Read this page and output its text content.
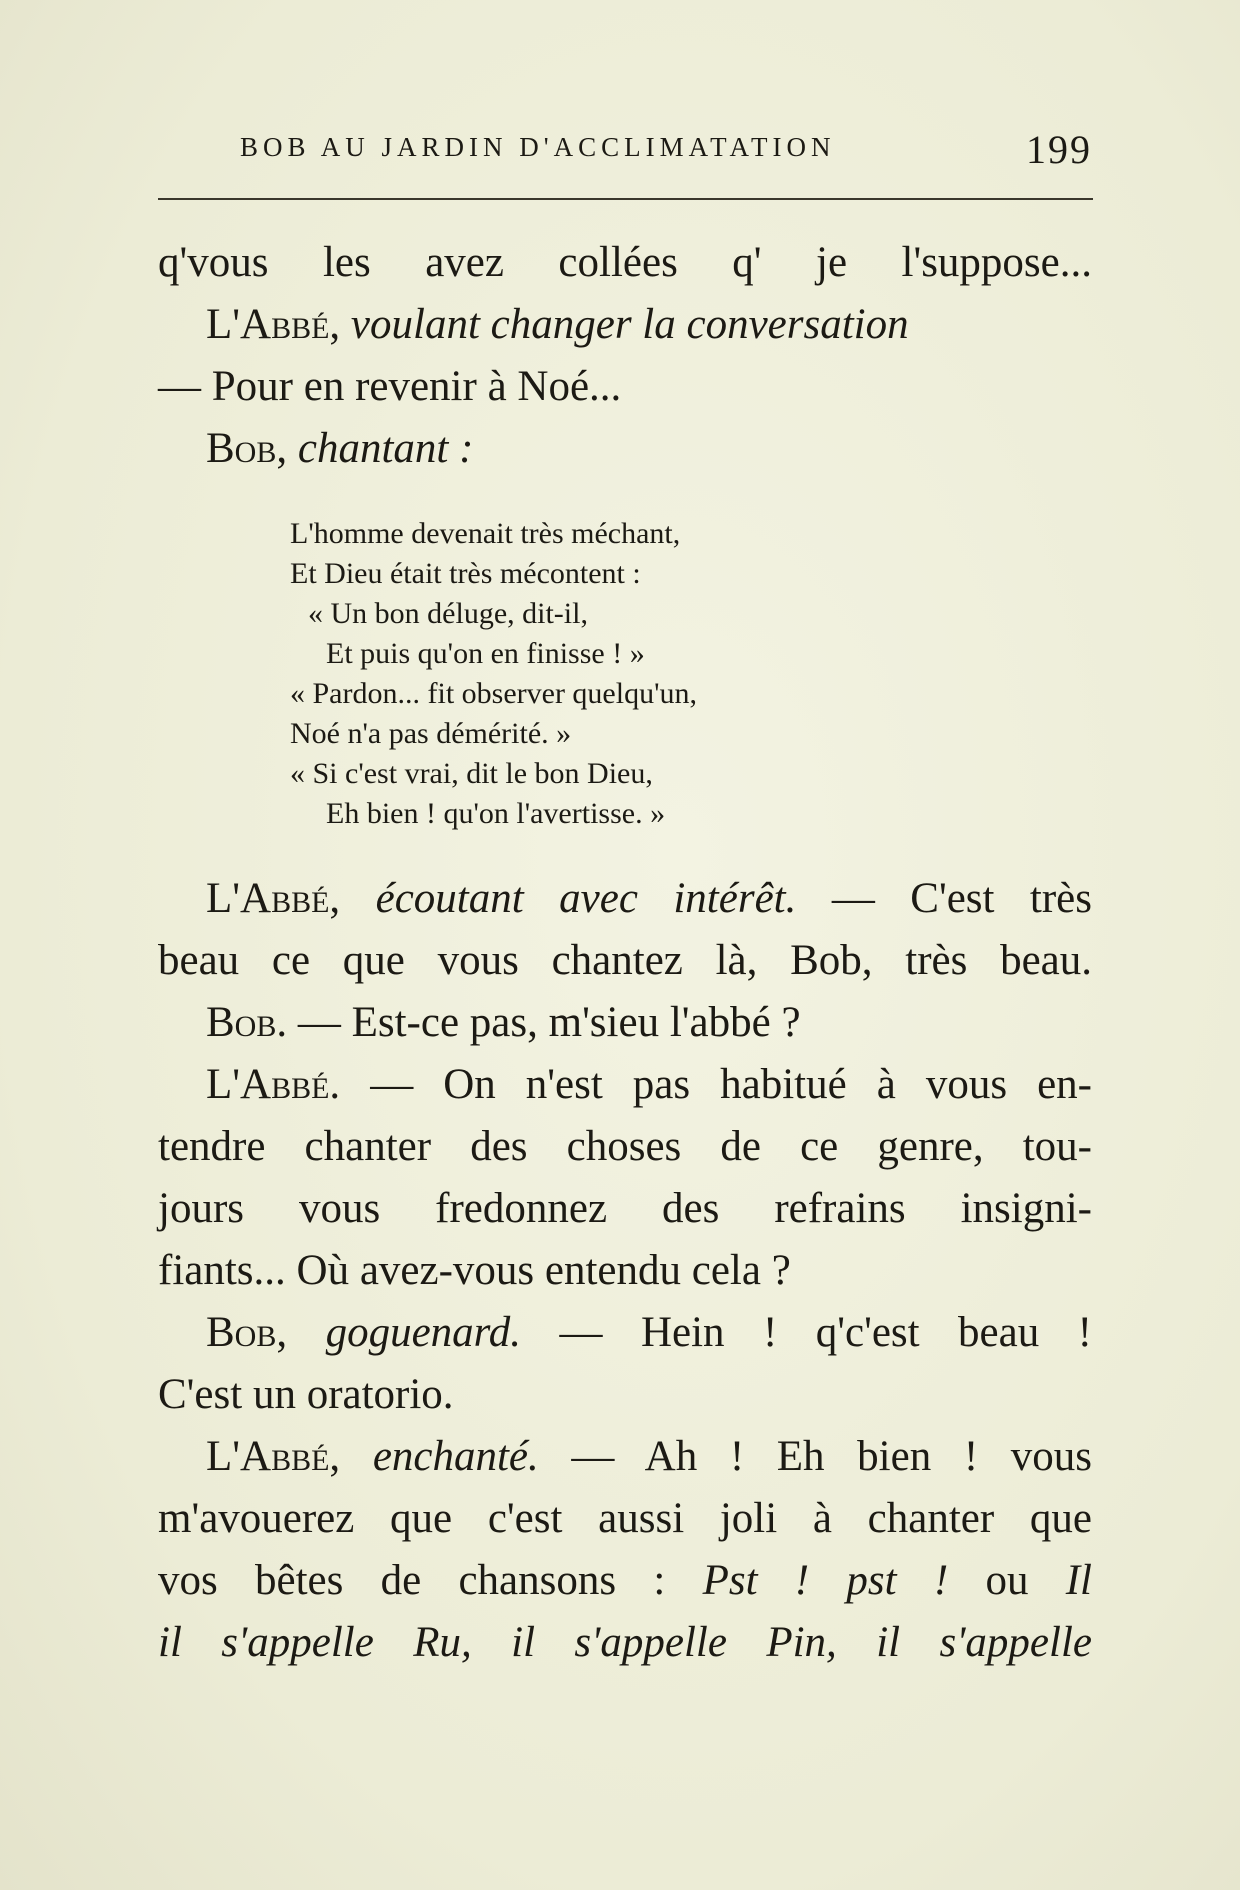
BOB AU JARDIN D'ACCLIMATATION	199
q'vous les avez collées q' je l'suppose...
L'Abbé, voulant changer la conversation
— Pour en revenir à Noé...
Bob, chantant :
L'homme devenait très méchant,
Et Dieu était très mécontent :
« Un bon déluge, dit-il,
Et puis qu'on en finisse ! »
« Pardon... fit observer quelqu'un,
Noé n'a pas démérité. »
« Si c'est vrai, dit le bon Dieu,
Eh bien ! qu'on l'avertisse. »
L'Abbé, écoutant avec intérêt. — C'est très
beau ce que vous chantez là, Bob, très beau.
Bob. — Est-ce pas, m'sieu l'abbé ?
L'Abbé. — On n'est pas habitué à vous en-
tendre chanter des choses de ce genre, tou-
jours vous fredonnez des refrains insigni-
fiants... Où avez-vous entendu cela ?
Bob, goguenard. — Hein ! q'c'est beau !
C'est un oratorio.
L'Abbé, enchanté. — Ah ! Eh bien ! vous
m'avouerez que c'est aussi joli à chanter que
vos bêtes de chansons : Pst ! pst ! ou Il
il s'appelle Ru, il s'appelle Pin, il s'appelle
